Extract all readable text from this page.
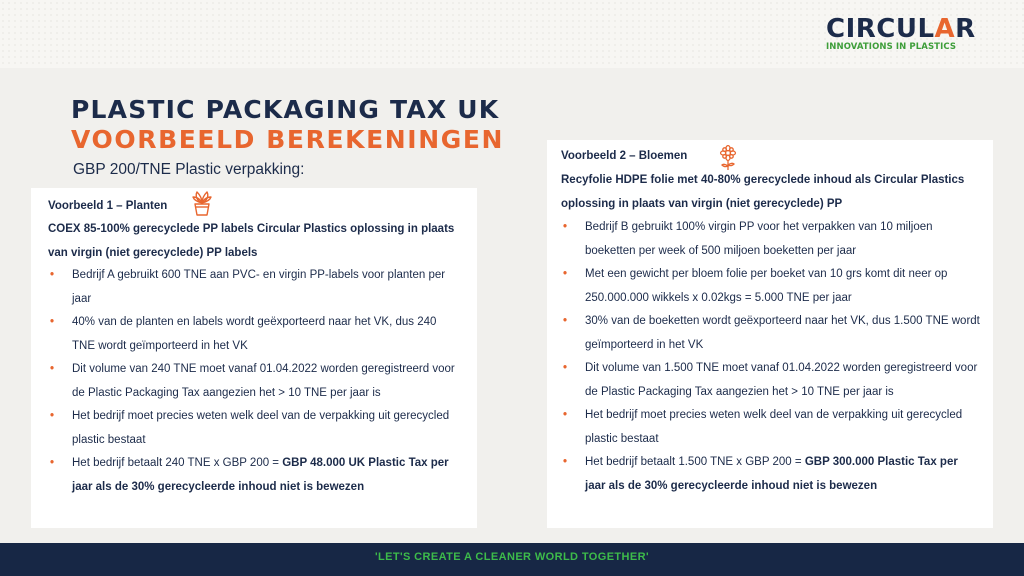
CIRCULAR
INNOVATIONS IN PLASTICS
PLASTIC PACKAGING TAX UK
VOORBEELD BEREKENINGEN
GBP 200/TNE Plastic verpakking:
Voorbeeld 1 – Planten
COEX 85-100% gerecyclede PP labels Circular Plastics oplossing in plaats van virgin (niet gerecyclede) PP labels
• Bedrijf A gebruikt 600 TNE aan PVC- en virgin PP-labels voor planten per jaar
• 40% van de planten en labels wordt geëxporteerd naar het VK, dus 240 TNE wordt geïmporteerd in het VK
• Dit volume van 240 TNE moet vanaf 01.04.2022 worden geregistreerd voor de Plastic Packaging Tax aangezien het > 10 TNE per jaar is
• Het bedrijf moet precies weten welk deel van de verpakking uit gerecycled plastic bestaat
• Het bedrijf betaalt 240 TNE x GBP 200 = GBP 48.000 UK Plastic Tax per jaar als de 30% gerecycleerde inhoud niet is bewezen
Voorbeeld 2 – Bloemen
Recyfolie HDPE folie met 40-80% gerecyclede inhoud als Circular Plastics oplossing in plaats van virgin (niet gerecyclede) PP
• Bedrijf B gebruikt 100% virgin PP voor het verpakken van 10 miljoen boeketten per week of 500 miljoen boeketten per jaar
• Met een gewicht per bloem folie per boeket van 10 grs komt dit neer op 250.000.000 wikkels x 0.02kgs = 5.000 TNE per jaar
• 30% van de boeketten wordt geëxporteerd naar het VK, dus 1.500 TNE wordt geïmporteerd in het VK
• Dit volume van 1.500 TNE moet vanaf 01.04.2022 worden geregistreerd voor de Plastic Packaging Tax aangezien het > 10 TNE per jaar is
• Het bedrijf moet precies weten welk deel van de verpakking uit gerecycled plastic bestaat
• Het bedrijf betaalt 1.500 TNE x GBP 200 = GBP 300.000 Plastic Tax per jaar als de 30% gerecycleerde inhoud niet is bewezen
'LET'S CREATE A CLEANER WORLD TOGETHER'
